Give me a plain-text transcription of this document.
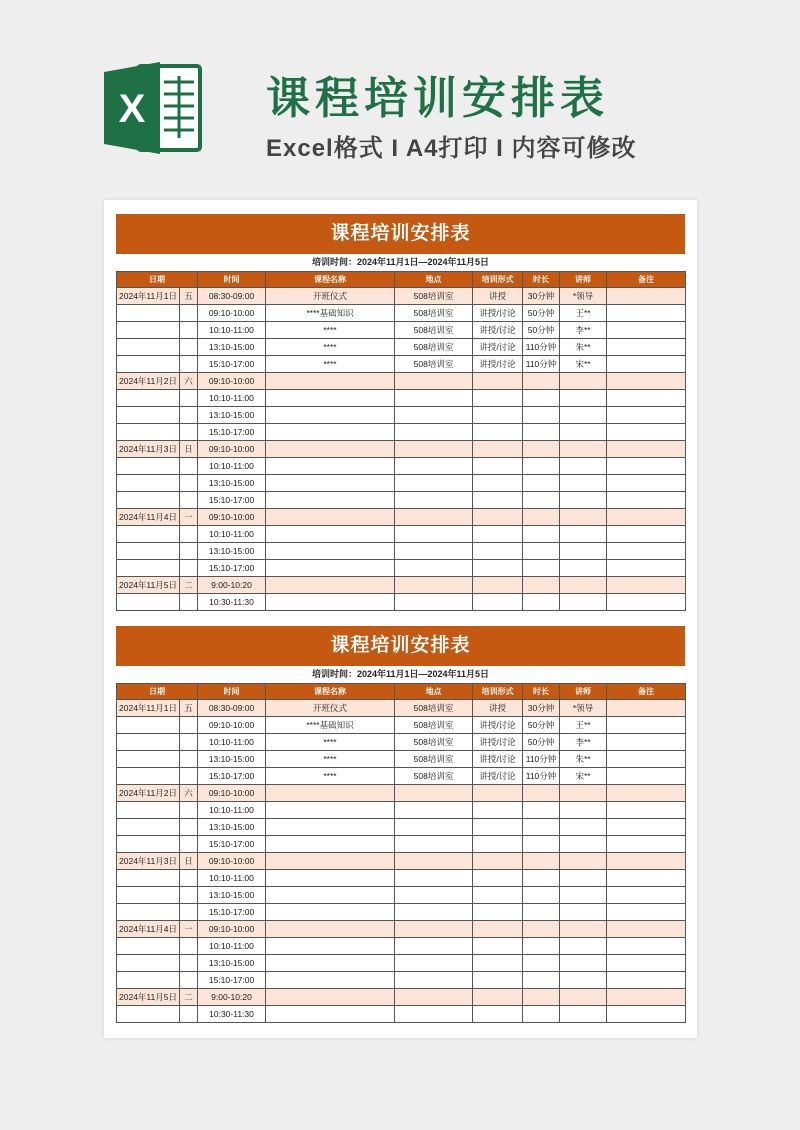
X	课程培训安排表
Excel格式 I A4打印 I 内容可修改
课程培训安排表
培训时间：2024年11月1日—2024年11月5日
日期		时间	课程名称	地点	培训形式	时长	讲师	备注
2024年11月1日	五	08:30-09:00	开班仪式	508培训室	讲授	30分钟	*领导	
		09:10-10:00	****基础知识	508培训室	讲授/讨论	50分钟	王**	
		10:10-11:00	****	508培训室	讲授/讨论	50分钟	李**	
		13:10-15:00	****	508培训室	讲授/讨论	110分钟	朱**	
		15:10-17:00	****	508培训室	讲授/讨论	110分钟	宋**	
2024年11月2日	六	09:10-10:00						
		10:10-11:00						
		13:10-15:00						
		15:10-17:00						
2024年11月3日	日	09:10-10:00						
		10:10-11:00						
		13:10-15:00						
		15:10-17:00						
2024年11月4日	一	09:10-10:00						
		10:10-11:00						
		13:10-15:00						
		15:10-17:00						
2024年11月5日	二	9:00-10:20						
		10:30-11:30						
课程培训安排表
培训时间：2024年11月1日—2024年11月5日
日期		时间	课程名称	地点	培训形式	时长	讲师	备注
2024年11月1日	五	08:30-09:00	开班仪式	508培训室	讲授	30分钟	*领导	
		09:10-10:00	****基础知识	508培训室	讲授/讨论	50分钟	王**	
		10:10-11:00	****	508培训室	讲授/讨论	50分钟	李**	
		13:10-15:00	****	508培训室	讲授/讨论	110分钟	朱**	
		15:10-17:00	****	508培训室	讲授/讨论	110分钟	宋**	
2024年11月2日	六	09:10-10:00						
		10:10-11:00						
		13:10-15:00						
		15:10-17:00						
2024年11月3日	日	09:10-10:00						
		10:10-11:00						
		13:10-15:00						
		15:10-17:00						
2024年11月4日	一	09:10-10:00						
		10:10-11:00						
		13:10-15:00						
		15:10-17:00						
2024年11月5日	二	9:00-10:20						
		10:30-11:30						
